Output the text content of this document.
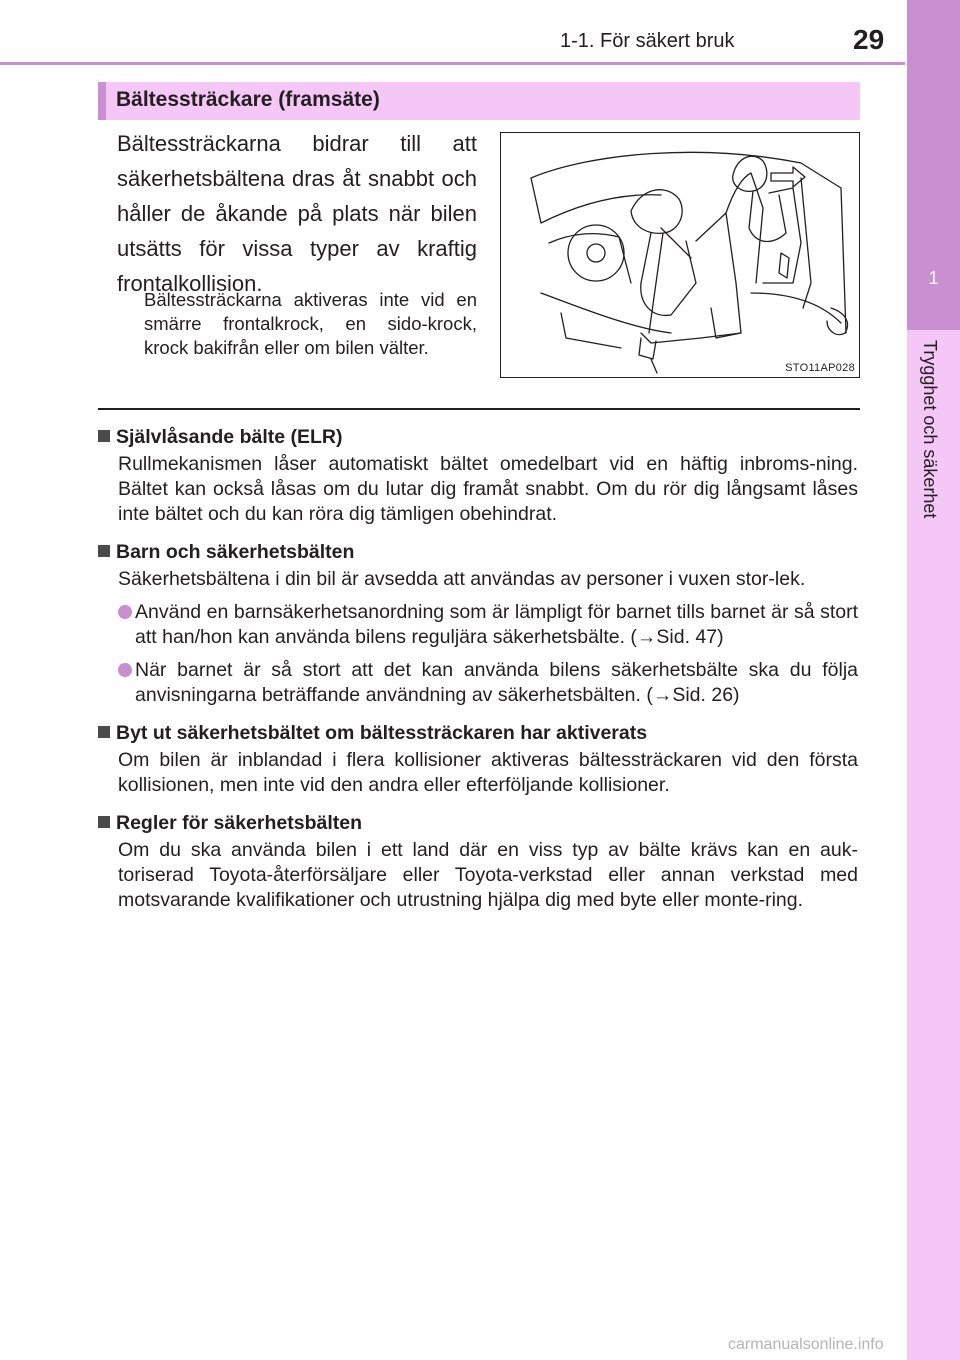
1-1. För säkert bruk	29
1
Trygghet och säkerhet
Bältessträckare (framsäte)
Bältessträckarna bidrar till att säkerhetsbältena dras åt snabbt och håller de åkande på plats när bilen utsätts för vissa typer av kraftig frontalkollision.
Bältessträckarna aktiveras inte vid en smärre frontalkrock, en sido-krock, krock bakifrån eller om bilen välter.
STO11AP028
Självlåsande bälte (ELR)
Rullmekanismen låser automatiskt bältet omedelbart vid en häftig inbroms-ning. Bältet kan också låsas om du lutar dig framåt snabbt. Om du rör dig långsamt låses inte bältet och du kan röra dig tämligen obehindrat.
Barn och säkerhetsbälten
Säkerhetsbältena i din bil är avsedda att användas av personer i vuxen stor-lek.
Använd en barnsäkerhetsanordning som är lämpligt för barnet tills barnet är så stort att han/hon kan använda bilens reguljära säkerhetsbälte. (→Sid. 47)
När barnet är så stort att det kan använda bilens säkerhetsbälte ska du följa anvisningarna beträffande användning av säkerhetsbälten. (→Sid. 26)
Byt ut säkerhetsbältet om bältessträckaren har aktiverats
Om bilen är inblandad i flera kollisioner aktiveras bältessträckaren vid den första kollisionen, men inte vid den andra eller efterföljande kollisioner.
Regler för säkerhetsbälten
Om du ska använda bilen i ett land där en viss typ av bälte krävs kan en auk-toriserad Toyota-återförsäljare eller Toyota-verkstad eller annan verkstad med motsvarande kvalifikationer och utrustning hjälpa dig med byte eller monte-ring.
carmanualsonline.info
